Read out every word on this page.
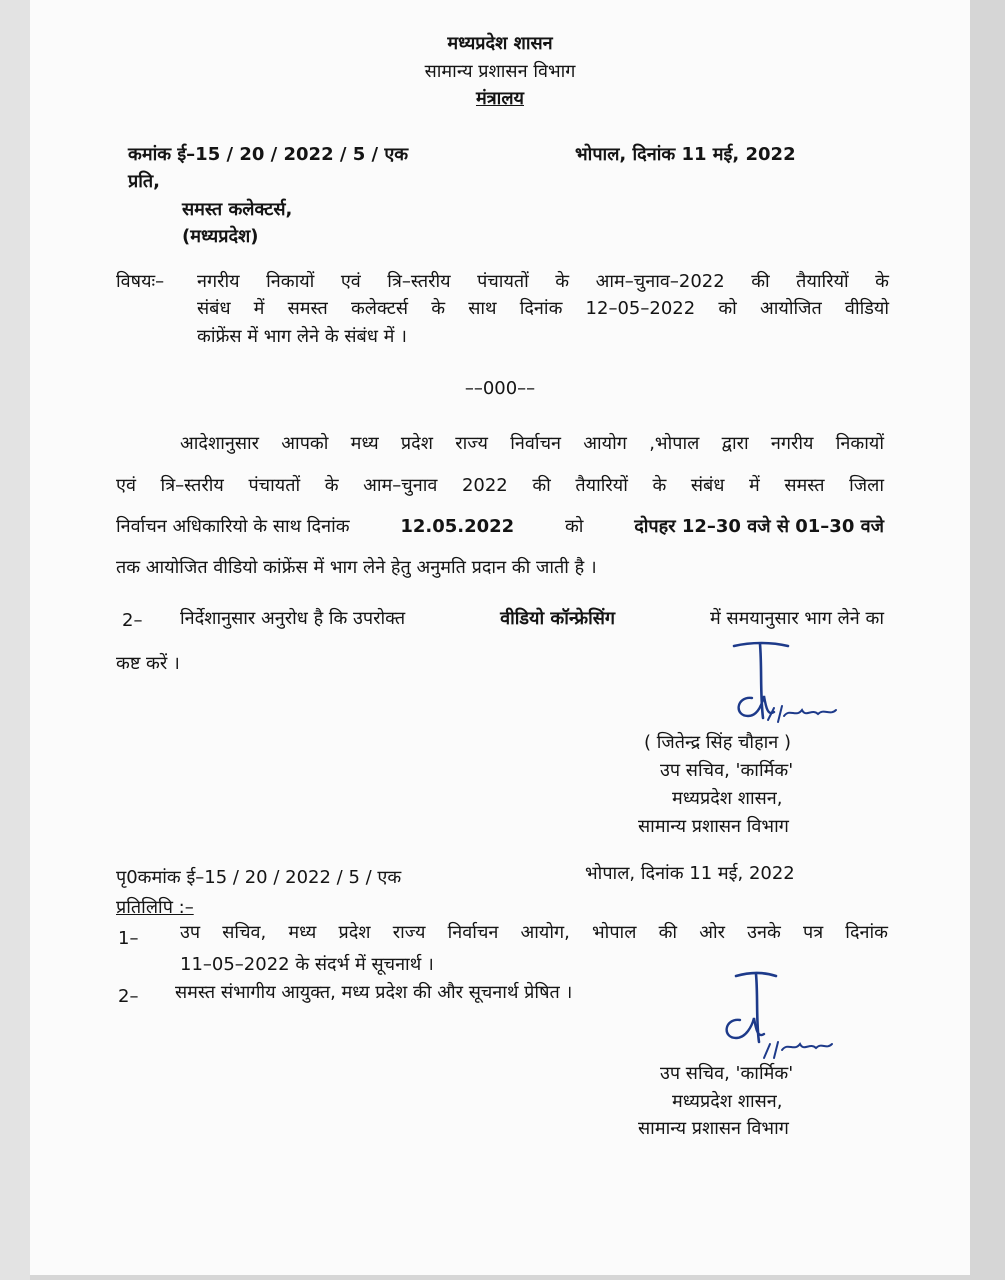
मध्यप्रदेश शासन
सामान्य प्रशासन विभाग
मंत्रालय
कमांक ई–15 / 20 / 2022 / 5 / एक	भोपाल, दिनांक 11 मई, 2022
प्रति,
समस्त कलेक्टर्स,
(मध्यप्रदेश)
विषयः– नगरीय निकायों एवं त्रि–स्तरीय पंचायतों के आम–चुनाव–2022 की तैयारियों के
संबंध में समस्त कलेक्टर्स के साथ दिनांक 12–05–2022 को आयोजित वीडियो
कांफ्रेंस में भाग लेने के संबंध में ।
––000––
आदेशानुसार आपको मध्य प्रदेश राज्य निर्वाचन आयोग ,भोपाल द्वारा नगरीय निकायों
एवं त्रि–स्तरीय पंचायतों के आम–चुनाव 2022 की तैयारियों के संबंध में समस्त जिला
निर्वाचन अधिकारियो के साथ दिनांक	12.05.2022	को	दोपहर 12–30 वजे से 01–30 वजे
तक आयोजित वीडियो कांफ्रेंस में भाग लेने हेतु अनुमति प्रदान की जाती है ।
2– निर्देशानुसार अनुरोध है कि उपरोक्त	वीडियो कॉन्फ्रेसिंग	में समयानुसार भाग लेने का
कष्ट करें ।
( जितेन्द्र सिंह चौहान )
उप सचिव, 'कार्मिक'
मध्यप्रदेश शासन,
सामान्य प्रशासन विभाग
पृ0कमांक ई–15 / 20 / 2022 / 5 / एक	भोपाल, दिनांक 11 मई, 2022
प्रतिलिपि :–
1– उप सचिव, मध्य प्रदेश राज्य निर्वाचन आयोग, भोपाल की ओर उनके पत्र दिनांक
11–05–2022 के संदर्भ में सूचनार्थ ।
2– समस्त संभागीय आयुक्त, मध्य प्रदेश की और सूचनार्थ प्रेषित ।
उप सचिव, 'कार्मिक'
मध्यप्रदेश शासन,
सामान्य प्रशासन विभाग
